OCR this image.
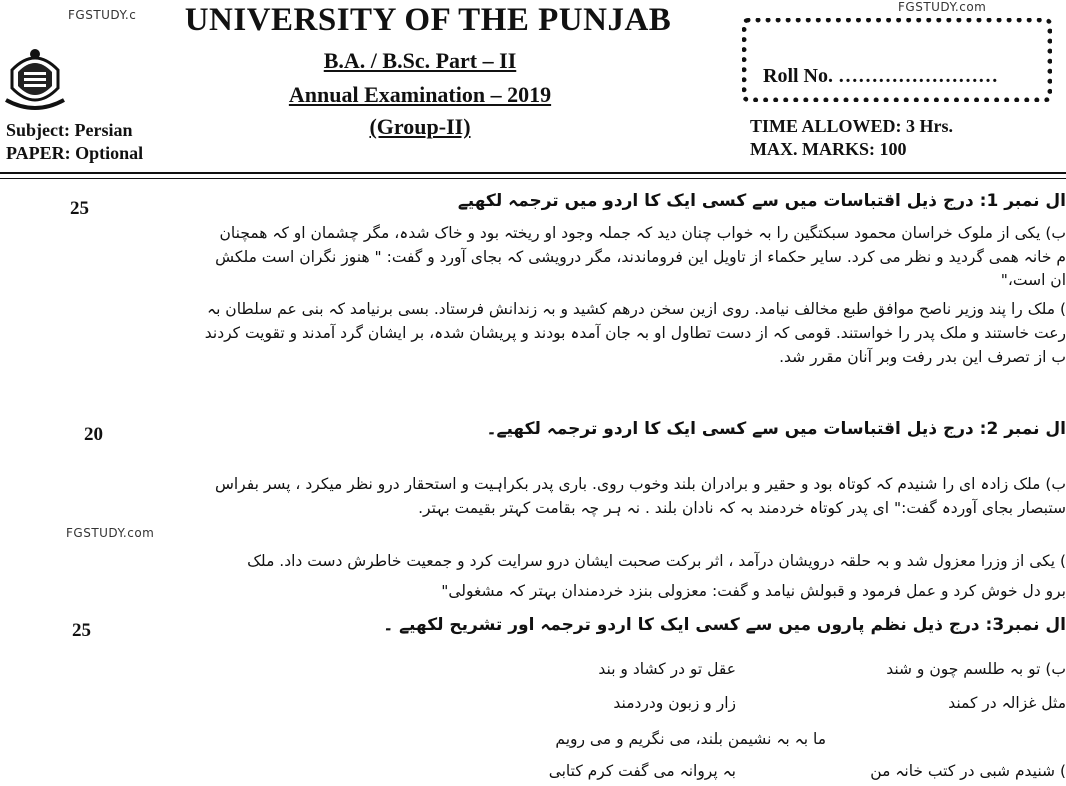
FGSTUDY.c
FGSTUDY.com
UNIVERSITY OF THE PUNJAB
B.A. / B.Sc. Part – II
Annual Examination – 2019
(Group-II)
Subject: Persian
PAPER: Optional
Roll No. ……………………
TIME ALLOWED: 3 Hrs.
MAX. MARKS: 100
25	ال نمبر 1: درج ذیل اقتباسات میں سے کسی ایک کا اردو میں ترجمہ لکھیے
ب) یکی از ملوک خراسان محمود سبکتگین را بہ خواب چنان دید کہ جملہ وجود او ریختہ بود و خاک شدہ، مگر چشمان او کہ همچنان
م خانہ همی گردید و نظر می کرد. سایر حکماء از تاویل این فروماندند، مگر درویشی کہ بجای آورد و گفت: " هنوز نگران است ملکش
ان است،"
) ملک را پند وزیر ناصح موافق طبع مخالف نیامد. روی ازین سخن درهم کشید و بہ زندانش فرستاد. بسی برنیامد کہ بنی عم سلطان بہ
رعت خاستند و ملک پدر را خواستند. قومی کہ از دست تطاول او بہ جان آمدہ بودند و پریشان شدہ، بر ایشان گرد آمدند و تقویت کردند
ب از تصرف این بدر رفت وبر آنان مقرر شد.
20	ال نمبر 2: درج ذیل اقتباسات میں سے کسی ایک کا اردو ترجمہ لکھیے۔
ب) ملک زادہ ای را شنیدم کہ کوتاہ بود و حقیر و برادران بلند وخوب روی. باری پدر بکراہیت و استحقار درو نظر میکرد ، پسر بفراس
ستبصار بجای آوردہ گفت:" ای پدر کوتاہ خردمند بہ کہ نادان بلند . نہ ہر چہ بقامت کہتر بقیمت بہتر.
FGSTUDY.com
) یکی از وزرا معزول شد و بہ حلقہ درویشان درآمد ، اثر برکت صحبت ایشان درو سرایت کرد و جمعیت خاطرش دست داد. ملک
برو دل خوش کرد و عمل فرمود و قبولش نیامد و گفت: معزولی بنزد خردمندان بہتر کہ مشغولی"
25	ال نمبر3: درج ذیل نظم پاروں میں سے کسی ایک کا اردو ترجمہ اور تشریح لکھیے ۔
ب) تو بہ طلسم چون و شند
عقل تو در کشاد و بند
مثل غزالہ در کمند
زار و زبون ودردمند
ما بہ بہ نشیمن بلند، می نگریم و می رویم
) شنیدم شبی در کتب خانہ من
بہ پروانہ می گفت کرم کتابی
